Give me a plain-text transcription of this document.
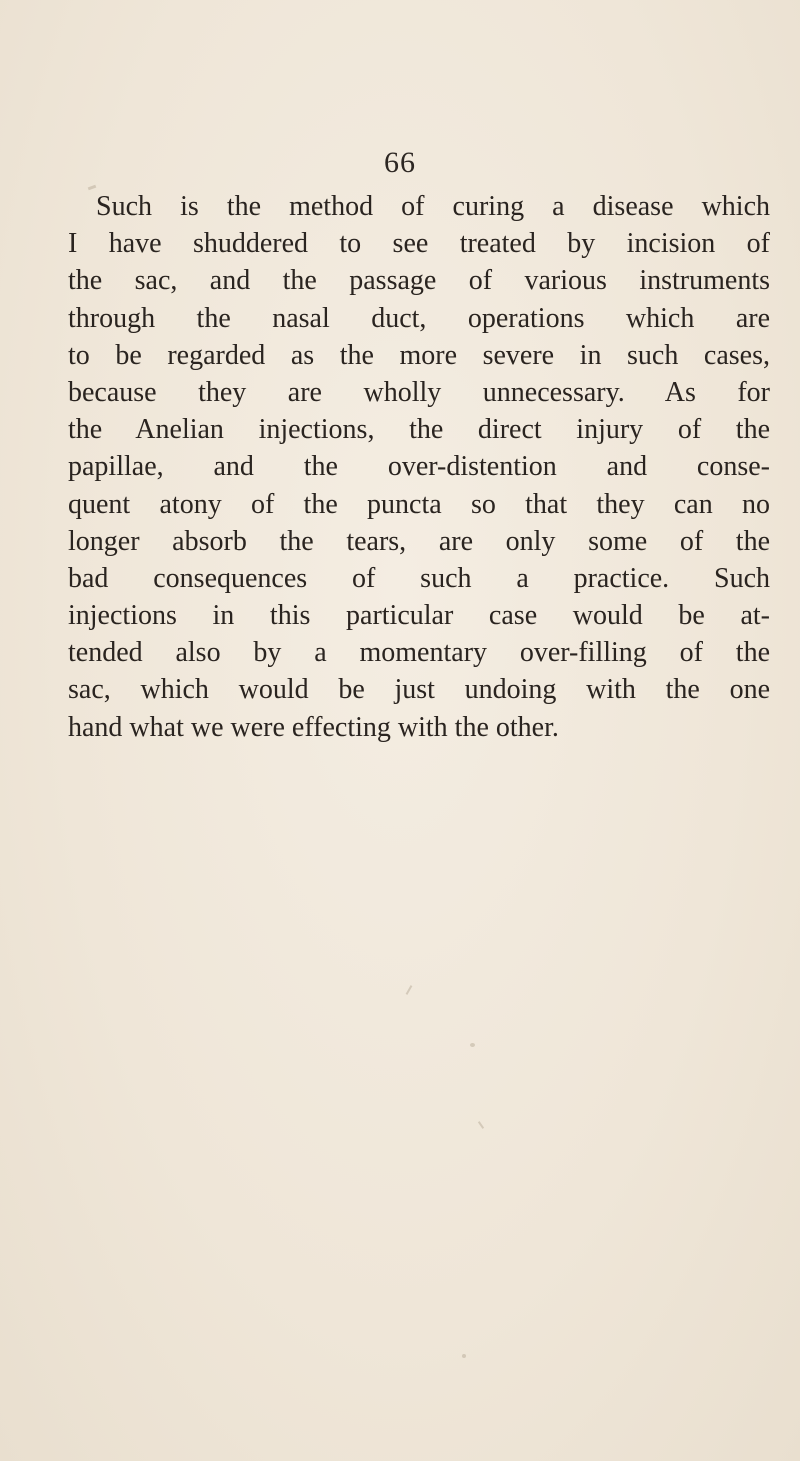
66
Such is the method of curing a disease which
I have shuddered to see treated by incision of
the sac, and the passage of various instruments
through the nasal duct, operations which are
to be regarded as the more severe in such cases,
because they are wholly unnecessary. As for
the Anelian injections, the direct injury of the
papillae, and the over-distention and conse-
quent atony of the puncta so that they can no
longer absorb the tears, are only some of the
bad consequences of such a practice. Such
injections in this particular case would be at-
tended also by a momentary over-filling of the
sac, which would be just undoing with the one
hand what we were effecting with the other.
